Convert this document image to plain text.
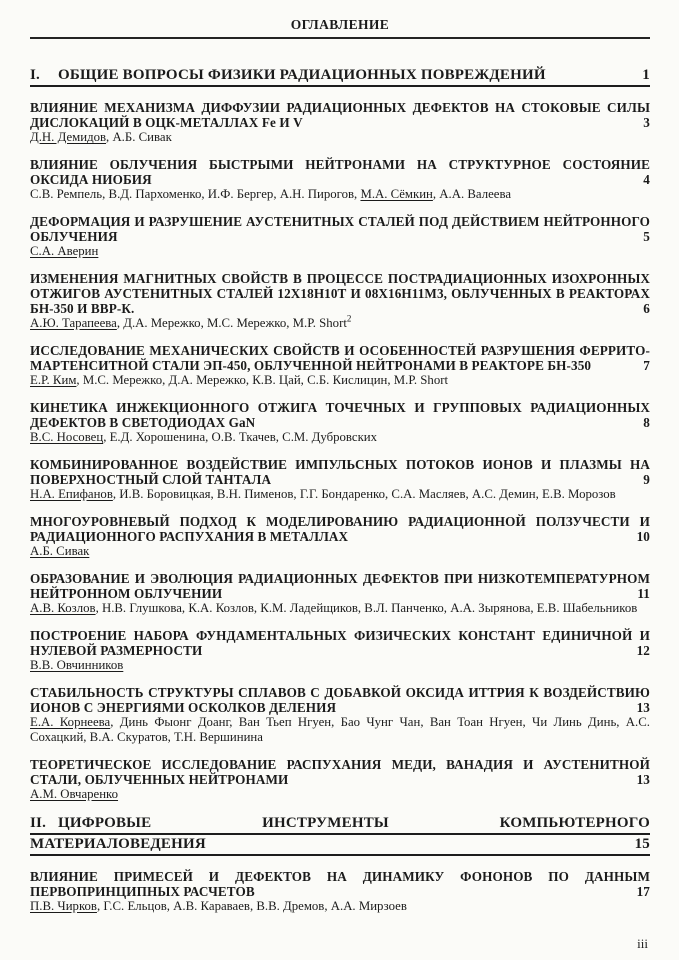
ОГЛАВЛЕНИЕ
I.	ОБЩИЕ ВОПРОСЫ ФИЗИКИ РАДИАЦИОННЫХ ПОВРЕЖДЕНИЙ	1
ВЛИЯНИЕ МЕХАНИЗМА ДИФФУЗИИ РАДИАЦИОННЫХ ДЕФЕКТОВ НА СТОКОВЫЕ СИЛЫ ДИСЛОКАЦИЙ В ОЦК-МЕТАЛЛАХ Fe И V	3
Д.Н. Демидов, А.Б. Сивак
ВЛИЯНИЕ ОБЛУЧЕНИЯ БЫСТРЫМИ НЕЙТРОНАМИ НА СТРУКТУРНОЕ СОСТОЯНИЕ ОКСИДА НИОБИЯ	4
С.В. Ремпель, В.Д. Пархоменко, И.Ф. Бергер, А.Н. Пирогов, М.А. Сёмкин, А.А. Валеева
ДЕФОРМАЦИЯ И РАЗРУШЕНИЕ АУСТЕНИТНЫХ СТАЛЕЙ ПОД ДЕЙСТВИЕМ НЕЙТРОННОГО ОБЛУЧЕНИЯ	5
С.А. Аверин
ИЗМЕНЕНИЯ МАГНИТНЫХ СВОЙСТВ В ПРОЦЕССЕ ПОСТРАДИАЦИОННЫХ ИЗОХРОННЫХ ОТЖИГОВ АУСТЕНИТНЫХ СТАЛЕЙ 12Х18Н10Т И 08Х16Н11М3, ОБЛУЧЕННЫХ В РЕАКТОРАХ БН-350 И ВВР-К.	6
А.Ю. Тарапеева, Д.А. Мережко, М.С. Мережко, М.Р. Short$^2$
ИССЛЕДОВАНИЕ МЕХАНИЧЕСКИХ СВОЙСТВ И ОСОБЕННОСТЕЙ РАЗРУШЕНИЯ ФЕРРИТО-МАРТЕНСИТНОЙ СТАЛИ ЭП-450, ОБЛУЧЕННОЙ НЕЙТРОНАМИ В РЕАКТОРЕ БН-350	7
Е.Р. Ким, М.С. Мережко, Д.А. Мережко, К.В. Цай, С.Б. Кислицин, М.Р. Short
КИНЕТИКА ИНЖЕКЦИОННОГО ОТЖИГА ТОЧЕЧНЫХ И ГРУППОВЫХ РАДИАЦИОННЫХ ДЕФЕКТОВ В СВЕТОДИОДАХ GaN	8
В.С. Носовец, Е.Д. Хорошенина, О.В. Ткачев, С.М. Дубровских
КОМБИНИРОВАННОЕ ВОЗДЕЙСТВИЕ ИМПУЛЬСНЫХ ПОТОКОВ ИОНОВ И ПЛАЗМЫ НА ПОВЕРХНОСТНЫЙ СЛОЙ ТАНТАЛА	9
Н.А. Епифанов, И.В. Боровицкая, В.Н. Пименов, Г.Г. Бондаренко, С.А. Масляев, А.С. Демин, Е.В. Морозов
МНОГОУРОВНЕВЫЙ ПОДХОД К МОДЕЛИРОВАНИЮ РАДИАЦИОННОЙ ПОЛЗУЧЕСТИ И РАДИАЦИОННОГО РАСПУХАНИЯ В МЕТАЛЛАХ	10
А.Б. Сивак
ОБРАЗОВАНИЕ И ЭВОЛЮЦИЯ РАДИАЦИОННЫХ ДЕФЕКТОВ ПРИ НИЗКОТЕМПЕРАТУРНОМ НЕЙТРОННОМ ОБЛУЧЕНИИ	11
А.В. Козлов, Н.В. Глушкова, К.А. Козлов, К.М. Ладейщиков, В.Л. Панченко, А.А. Зырянова, Е.В. Шабельников
ПОСТРОЕНИЕ НАБОРА ФУНДАМЕНТАЛЬНЫХ ФИЗИЧЕСКИХ КОНСТАНТ ЕДИНИЧНОЙ И НУЛЕВОЙ РАЗМЕРНОСТИ	12
В.В. Овчинников
СТАБИЛЬНОСТЬ СТРУКТУРЫ СПЛАВОВ С ДОБАВКОЙ ОКСИДА ИТТРИЯ К ВОЗДЕЙСТВИЮ ИОНОВ С ЭНЕРГИЯМИ ОСКОЛКОВ ДЕЛЕНИЯ	13
Е.А. Корнеева, Динь Фыонг Доанг, Ван Тьеп Нгуен, Бао Чунг Чан, Ван Тоан Нгуен, Чи Линь Динь, А.С. Сохацкий, В.А. Скуратов, Т.Н. Вершинина
ТЕОРЕТИЧЕСКОЕ ИССЛЕДОВАНИЕ РАСПУХАНИЯ МЕДИ, ВАНАДИЯ И АУСТЕНИТНОЙ СТАЛИ, ОБЛУЧЕННЫХ НЕЙТРОНАМИ	13
А.М. Овчаренко
II. ЦИФРОВЫЕ ИНСТРУМЕНТЫ КОМПЬЮТЕРНОГО
МАТЕРИАЛОВЕДЕНИЯ	15
ВЛИЯНИЕ ПРИМЕСЕЙ И ДЕФЕКТОВ НА ДИНАМИКУ ФОНОНОВ ПО ДАННЫМ ПЕРВОПРИНЦИПНЫХ РАСЧЕТОВ	17
П.В. Чирков, Г.С. Ельцов, А.В. Караваев, В.В. Дремов, А.А. Мирзоев
iii
